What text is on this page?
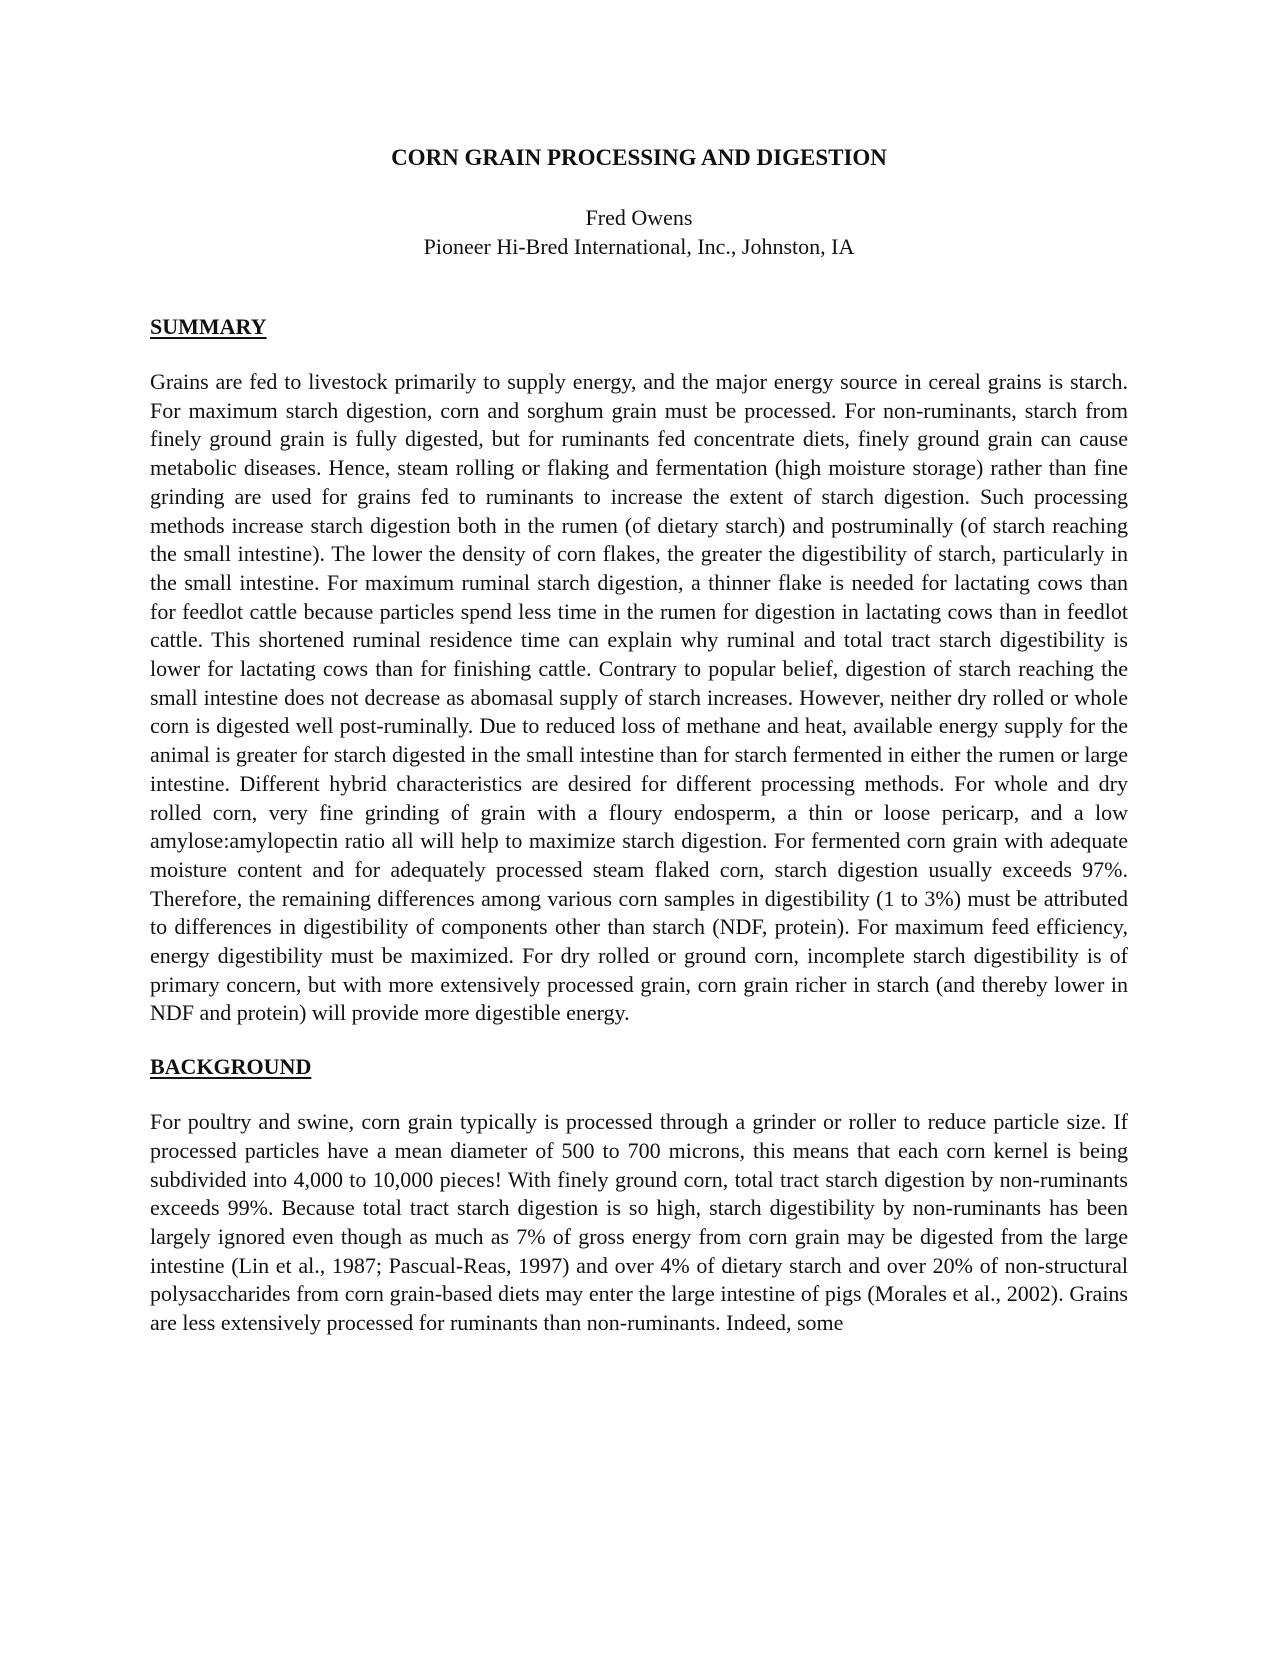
CORN GRAIN PROCESSING AND DIGESTION

Fred Owens

Pioneer Hi-Bred International, Inc., Johnston, IA

SUMMARY

Grains are fed to livestock primarily to supply energy, and the major energy source in cereal grains is starch. For maximum starch digestion, corn and sorghum grain must be processed. For non-ruminants, starch from finely ground grain is fully digested, but for ruminants fed concentrate diets, finely ground grain can cause metabolic diseases. Hence, steam rolling or flaking and fermentation (high moisture storage) rather than fine grinding are used for grains fed to ruminants to increase the extent of starch digestion. Such processing methods increase starch digestion both in the rumen (of dietary starch) and postruminally (of starch reaching the small intestine). The lower the density of corn flakes, the greater the digestibility of starch, particularly in the small intestine. For maximum ruminal starch digestion, a thinner flake is needed for lactating cows than for feedlot cattle because particles spend less time in the rumen for digestion in lactating cows than in feedlot cattle. This shortened ruminal residence time can explain why ruminal and total tract starch digestibility is lower for lactating cows than for finishing cattle. Contrary to popular belief, digestion of starch reaching the small intestine does not decrease as abomasal supply of starch increases. However, neither dry rolled or whole corn is digested well post-ruminally. Due to reduced loss of methane and heat, available energy supply for the animal is greater for starch digested in the small intestine than for starch fermented in either the rumen or large intestine. Different hybrid characteristics are desired for different processing methods. For whole and dry rolled corn, very fine grinding of grain with a floury endosperm, a thin or loose pericarp, and a low amylose:amylopectin ratio all will help to maximize starch digestion. For fermented corn grain with adequate moisture content and for adequately processed steam flaked corn, starch digestion usually exceeds 97%. Therefore, the remaining differences among various corn samples in digestibility (1 to 3%) must be attributed to differences in digestibility of components other than starch (NDF, protein). For maximum feed efficiency, energy digestibility must be maximized. For dry rolled or ground corn, incomplete starch digestibility is of primary concern, but with more extensively processed grain, corn grain richer in starch (and thereby lower in NDF and protein) will provide more digestible energy.

BACKGROUND

For poultry and swine, corn grain typically is processed through a grinder or roller to reduce particle size. If processed particles have a mean diameter of 500 to 700 microns, this means that each corn kernel is being subdivided into 4,000 to 10,000 pieces! With finely ground corn, total tract starch digestion by non-ruminants exceeds 99%. Because total tract starch digestion is so high, starch digestibility by non-ruminants has been largely ignored even though as much as 7% of gross energy from corn grain may be digested from the large intestine (Lin et al., 1987; Pascual-Reas, 1997) and over 4% of dietary starch and over 20% of non-structural polysaccharides from corn grain-based diets may enter the large intestine of pigs (Morales et al., 2002). Grains are less extensively processed for ruminants than non-ruminants. Indeed, some
